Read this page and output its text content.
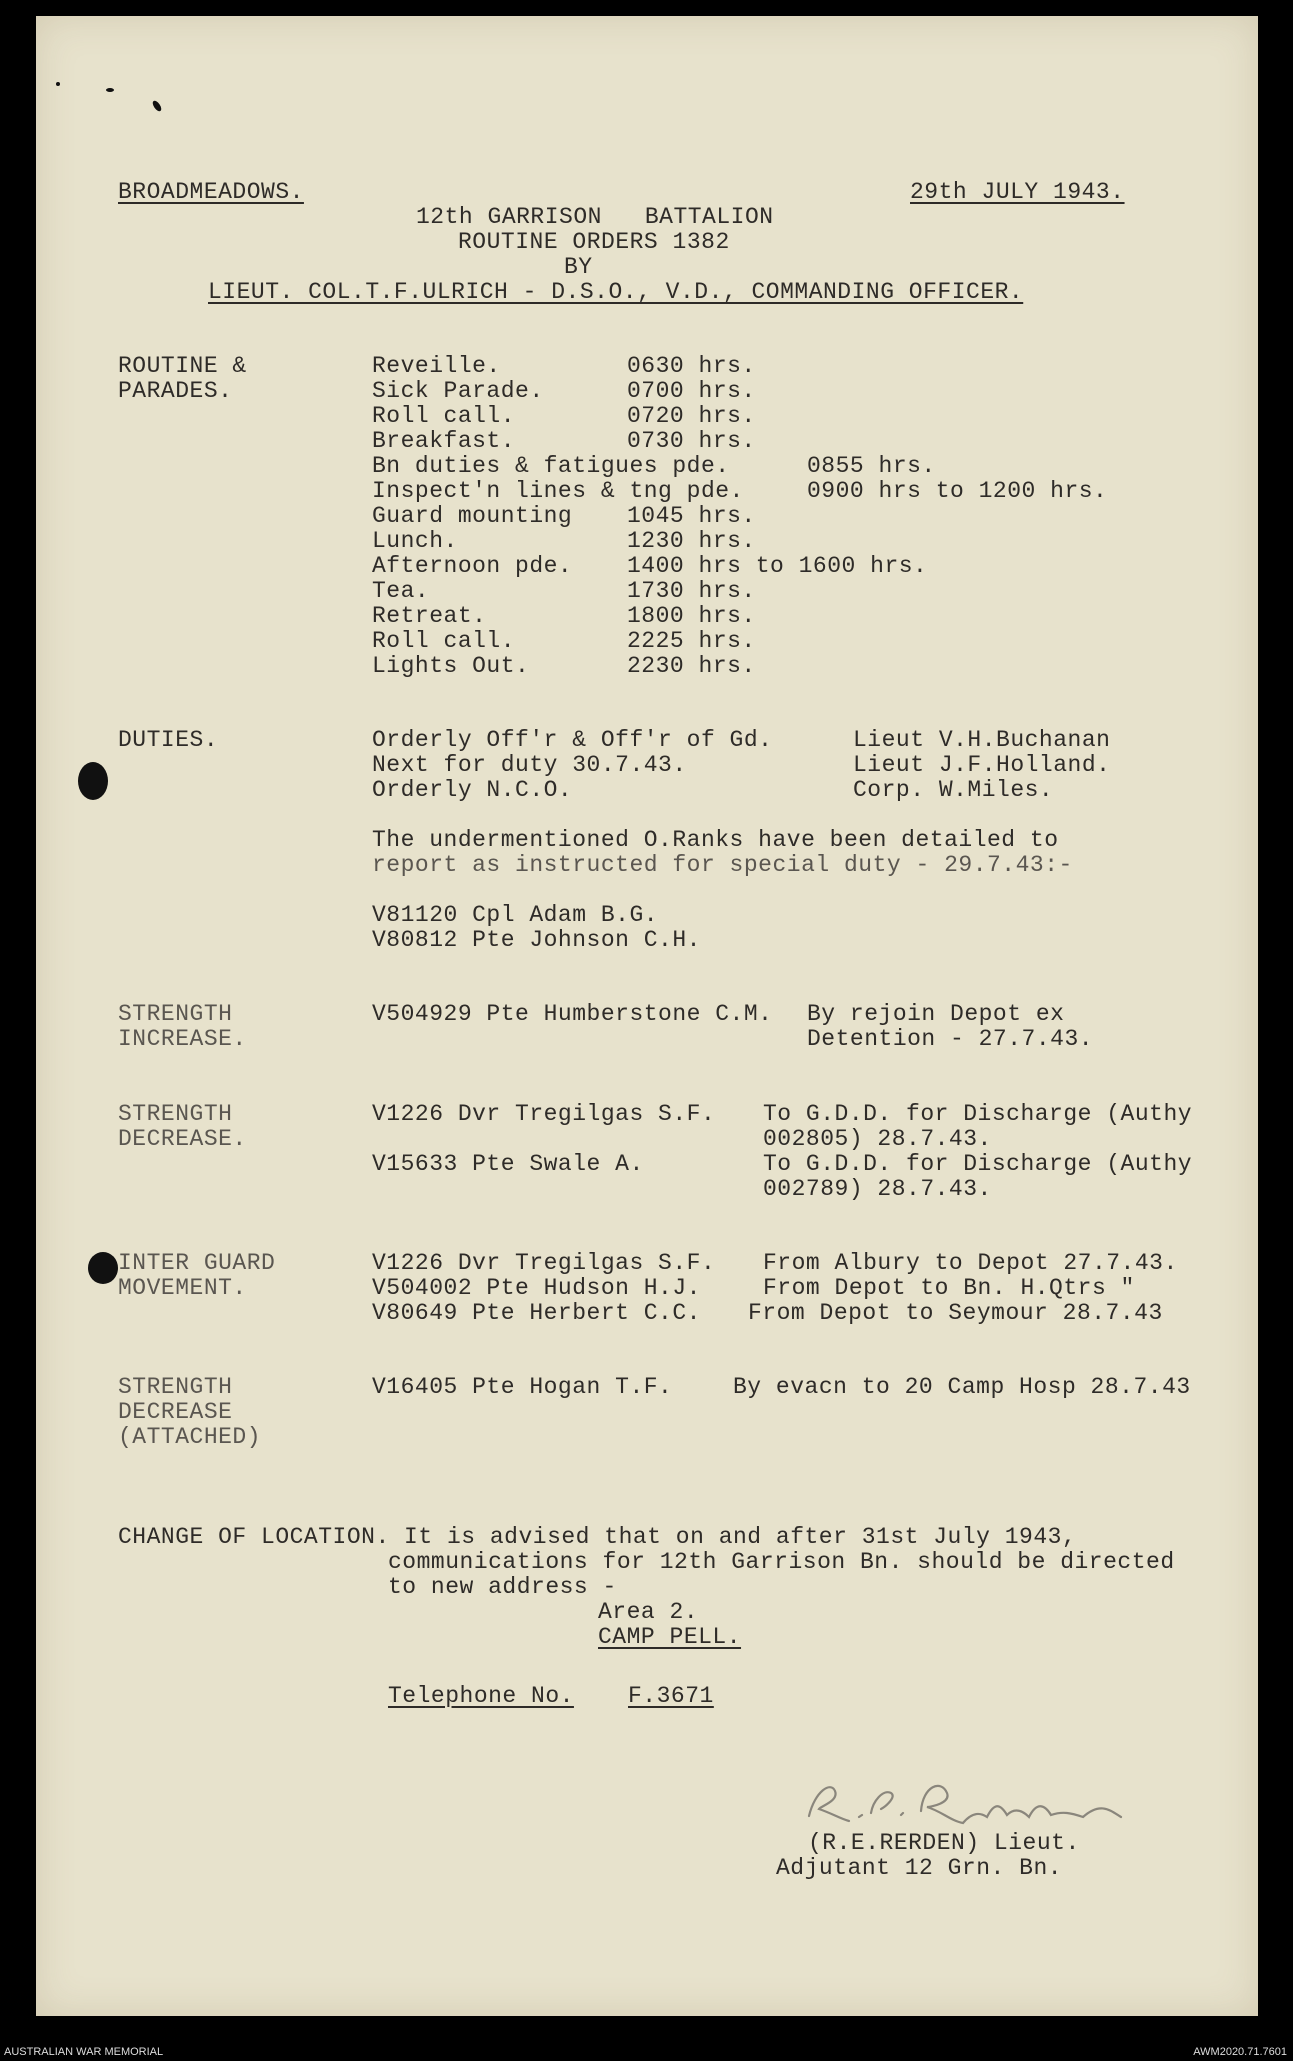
BROADMEADOWS.	29th JULY 1943.
12th GARRISON   BATTALION
ROUTINE ORDERS 1382
BY
LIEUT. COL.T.F.ULRICH - D.S.O., V.D., COMMANDING OFFICER.
ROUTINE &
PARADES.
Reveille.	0630 hrs.
Sick Parade.	0700 hrs.
Roll call.	0720 hrs.
Breakfast.	0730 hrs.
Bn duties & fatigues pde.	0855 hrs.
Inspect'n lines & tng pde.	0900 hrs to 1200 hrs.
Guard mounting 1045 hrs.
Lunch.	1230 hrs.
Afternoon pde. 1400 hrs to 1600 hrs.
Tea.	1730 hrs.
Retreat.	1800 hrs.
Roll call.	2225 hrs.
Lights Out.	2230 hrs.
DUTIES.	Orderly Off'r & Off'r of Gd.	Lieut V.H.Buchanan
Next for duty 30.7.43.	Lieut J.F.Holland.
Orderly N.C.O.	Corp. W.Miles.
The undermentioned O.Ranks have been detailed to
report as instructed for special duty - 29.7.43:-
V81120 Cpl Adam B.G.
V80812 Pte Johnson C.H.
STRENGTH
INCREASE.
V504929 Pte Humberstone C.M. By rejoin Depot ex
Detention - 27.7.43.
STRENGTH
DECREASE.
V1226 Dvr Tregilgas S.F. To G.D.D. for Discharge (Authy
002805) 28.7.43.
V15633 Pte Swale A.	To G.D.D. for Discharge (Authy
002789) 28.7.43.
INTER GUARD
MOVEMENT.
V1226 Dvr Tregilgas S.F. From Albury to Depot 27.7.43.
V504002 Pte Hudson H.J.	From Depot to Bn. H.Qtrs "
V80649 Pte Herbert C.C. From Depot to Seymour 28.7.43
STRENGTH
DECREASE
(ATTACHED)
V16405 Pte Hogan T.F.	By evacn to 20 Camp Hosp 28.7.43
CHANGE OF LOCATION. It is advised that on and after 31st July 1943,
communications for 12th Garrison Bn. should be directed
to new address -
Area 2.
CAMP PELL.
Telephone No. F.3671
(R.E.RERDEN) Lieut.
Adjutant 12 Grn. Bn.
AUSTRALIAN WAR MEMORIAL	AWM2020.71.7601
